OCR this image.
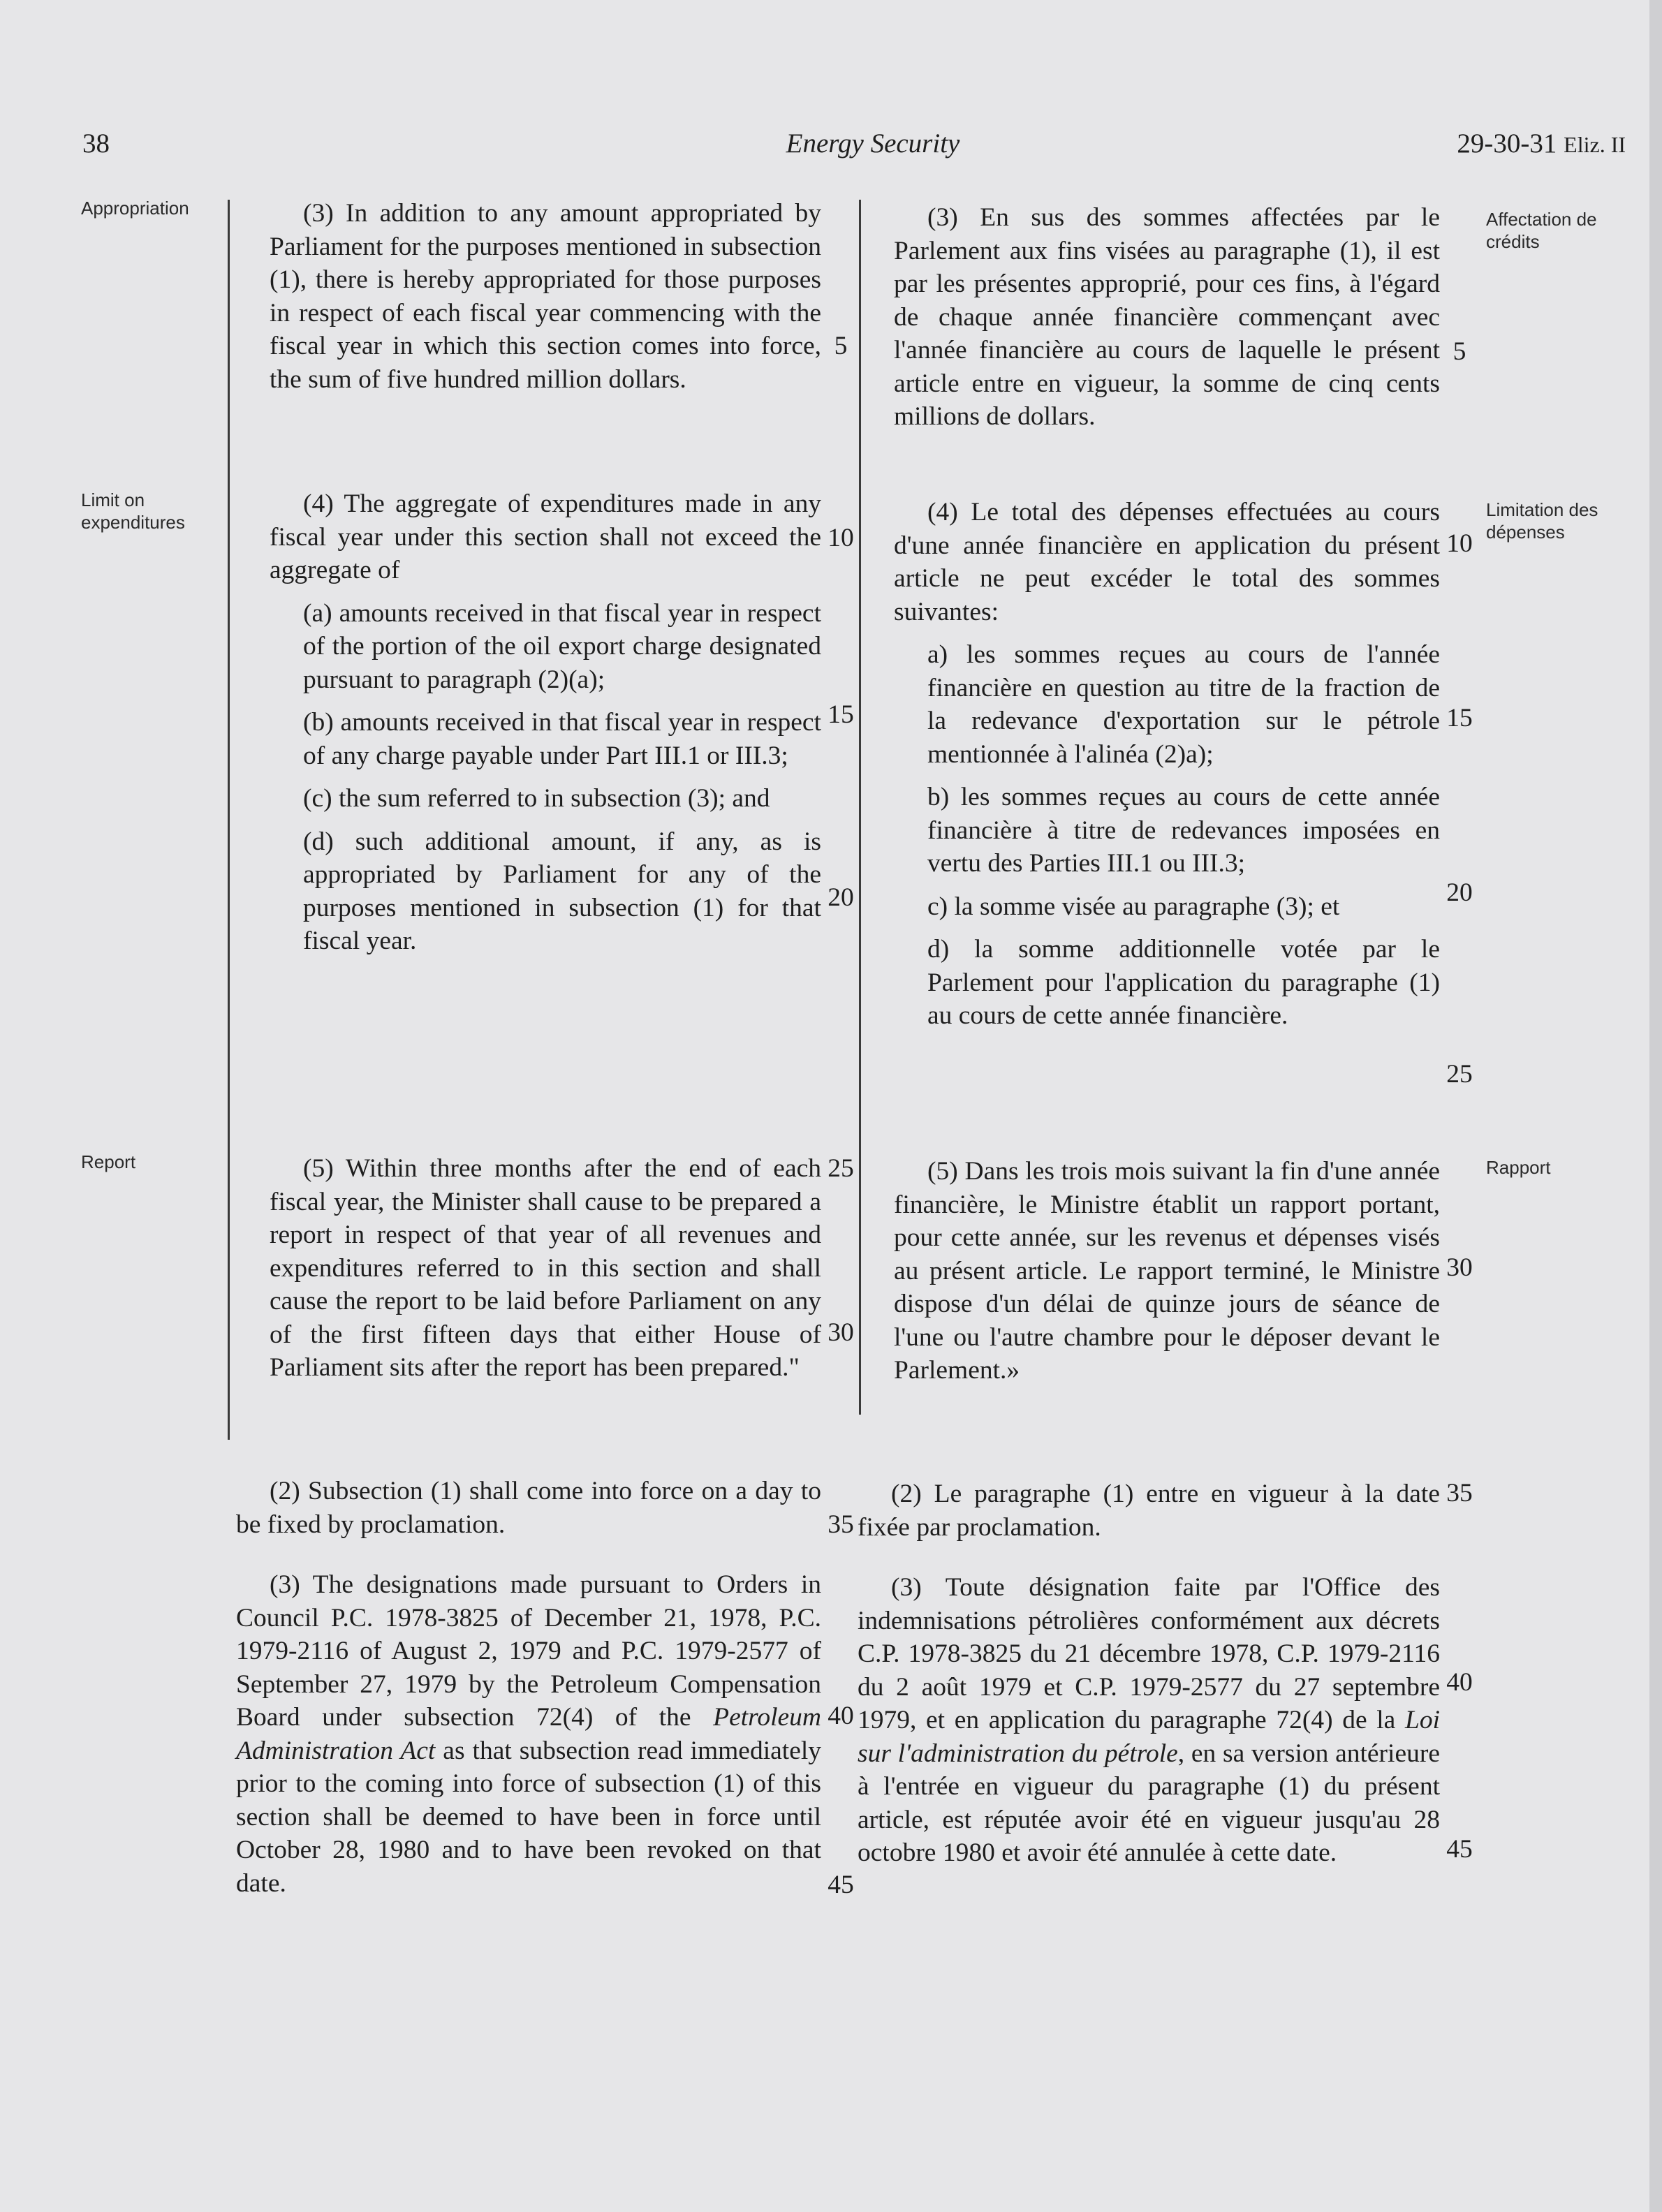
38	Energy Security	29-30-31 Eliz. II
Appropriation
Affectation de crédits
Limit on expenditures
Limitation des dépenses
Report	Rapport

(3) In addition to any amount appropriated by Parliament for the purposes mentioned in subsection (1), there is hereby appropriated for those purposes in respect of each fiscal year commencing with the fiscal year in which this section comes into force, the sum of five hundred million dollars.

(3) En sus des sommes affectées par le Parlement aux fins visées au paragraphe (1), il est par les présentes approprié, pour ces fins, à l'égard de chaque année financière commençant avec l'année financière au cours de laquelle le présent article entre en vigueur, la somme de cinq cents millions de dollars.

(4) The aggregate of expenditures made in any fiscal year under this section shall not exceed the aggregate of

(a) amounts received in that fiscal year in respect of the portion of the oil export charge designated pursuant to paragraph (2)(a);

(b) amounts received in that fiscal year in respect of any charge payable under Part III.1 or III.3;

(c) the sum referred to in subsection (3); and

(d) such additional amount, if any, as is appropriated by Parliament for any of the purposes mentioned in subsection (1) for that fiscal year.

(4) Le total des dépenses effectuées au cours d'une année financière en application du présent article ne peut excéder le total des sommes suivantes:

a) les sommes reçues au cours de l'année financière en question au titre de la fraction de la redevance d'exportation sur le pétrole mentionnée à l'alinéa (2)a);

b) les sommes reçues au cours de cette année financière à titre de redevances imposées en vertu des Parties III.1 ou III.3;

c) la somme visée au paragraphe (3); et

d) la somme additionnelle votée par le Parlement pour l'application du paragraphe (1) au cours de cette année financière.

(5) Within three months after the end of each fiscal year, the Minister shall cause to be prepared a report in respect of that year of all revenues and expenditures referred to in this section and shall cause the report to be laid before Parliament on any of the first fifteen days that either House of Parliament sits after the report has been prepared."

(5) Dans les trois mois suivant la fin d'une année financière, le Ministre établit un rapport portant, pour cette année, sur les revenus et dépenses visés au présent article. Le rapport terminé, le Ministre dispose d'un délai de quinze jours de séance de l'une ou l'autre chambre pour le déposer devant le Parlement.»

(2) Subsection (1) shall come into force on a day to be fixed by proclamation.

(2) Le paragraphe (1) entre en vigueur à la date fixée par proclamation.

(3) The designations made pursuant to Orders in Council P.C. 1978-3825 of December 21, 1978, P.C. 1979-2116 of August 2, 1979 and P.C. 1979-2577 of September 27, 1979 by the Petroleum Compensation Board under subsection 72(4) of the Petroleum Administration Act as that subsection read immediately prior to the coming into force of subsection (1) of this section shall be deemed to have been in force until October 28, 1980 and to have been revoked on that date.

(3) Toute désignation faite par l'Office des indemnisations pétrolières conformément aux décrets C.P. 1978-3825 du 21 décembre 1978, C.P. 1979-2116 du 2 août 1979 et C.P. 1979-2577 du 27 septembre 1979, et en application du paragraphe 72(4) de la Loi sur l'administration du pétrole, en sa version antérieure à l'entrée en vigueur du paragraphe (1) du présent article, est réputée avoir été en vigueur jusqu'au 28 octobre 1980 et avoir été annulée à cette date.

5
10
15
20
25
30
35
40
45
5
10
15
20
25
30
35
40
45
